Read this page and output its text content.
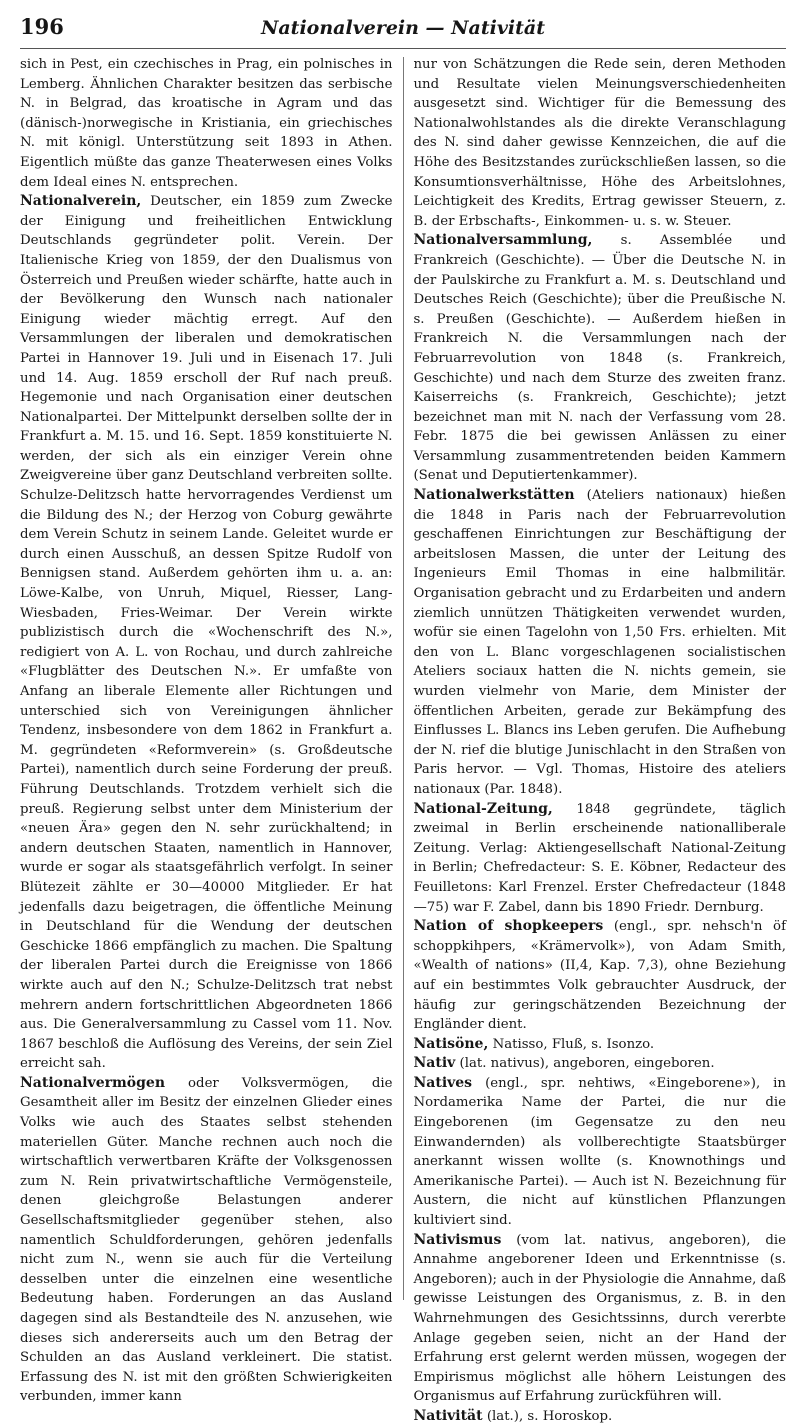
196	Nationalverein — Nativität

sich in Pest, ein czechisches in Prag, ein polnisches in Lemberg. Ähnlichen Charakter besitzen das serbische N. in Belgrad, das kroatische in Agram und das (dänisch-)norwegische in Kristiania, ein griechisches N. mit königl. Unterstützung seit 1893 in Athen. Eigentlich müßte das ganze Theaterwesen eines Volks dem Ideal eines N. entsprechen.

Nationalverein, Deutscher, ein 1859 zum Zwecke der Einigung und freiheitlichen Entwicklung Deutschlands gegründeter polit. Verein. Der Italienische Krieg von 1859, der den Dualismus von Österreich und Preußen wieder schärfte, hatte auch in der Bevölkerung den Wunsch nach nationaler Einigung wieder mächtig erregt. Auf den Versammlungen der liberalen und demokratischen Partei in Hannover 19. Juli und in Eisenach 17. Juli und 14. Aug. 1859 erscholl der Ruf nach preuß. Hegemonie und nach Organisation einer deutschen Nationalpartei. Der Mittelpunkt derselben sollte der in Frankfurt a. M. 15. und 16. Sept. 1859 konstituierte N. werden, der sich als ein einziger Verein ohne Zweigvereine über ganz Deutschland verbreiten sollte. Schulze-Delitzsch hatte hervorragendes Verdienst um die Bildung des N.; der Herzog von Coburg gewährte dem Verein Schutz in seinem Lande. Geleitet wurde er durch einen Ausschuß, an dessen Spitze Rudolf von Bennigsen stand. Außerdem gehörten ihm u. a. an: Löwe-Kalbe, von Unruh, Miquel, Riesser, Lang-Wiesbaden, Fries-Weimar. Der Verein wirkte publizistisch durch die «Wochenschrift des N.», redigiert von A. L. von Rochau, und durch zahlreiche «Flugblätter des Deutschen N.». Er umfaßte von Anfang an liberale Elemente aller Richtungen und unterschied sich von Vereinigungen ähnlicher Tendenz, insbesondere von dem 1862 in Frankfurt a. M. gegründeten «Reformverein» (s. Großdeutsche Partei), namentlich durch seine Forderung der preuß. Führung Deutschlands. Trotzdem verhielt sich die preuß. Regierung selbst unter dem Ministerium der «neuen Ära» gegen den N. sehr zurückhaltend; in andern deutschen Staaten, namentlich in Hannover, wurde er sogar als staatsgefährlich verfolgt. In seiner Blütezeit zählte er 30—40000 Mitglieder. Er hat jedenfalls dazu beigetragen, die öffentliche Meinung in Deutschland für die Wendung der deutschen Geschicke 1866 empfänglich zu machen. Die Spaltung der liberalen Partei durch die Ereignisse von 1866 wirkte auch auf den N.; Schulze-Delitzsch trat nebst mehrern andern fortschrittlichen Abgeordneten 1866 aus. Die Generalversammlung zu Cassel vom 11. Nov. 1867 beschloß die Auflösung des Vereins, der sein Ziel erreicht sah.

Nationalvermögen oder Volksvermögen, die Gesamtheit aller im Besitz der einzelnen Glieder eines Volks wie auch des Staates selbst stehenden materiellen Güter. Manche rechnen auch noch die wirtschaftlich verwertbaren Kräfte der Volksgenossen zum N. Rein privatwirtschaftliche Vermögensteile, denen gleichgroße Belastungen anderer Gesellschaftsmitglieder gegenüber stehen, also namentlich Schuldforderungen, gehören jedenfalls nicht zum N., wenn sie auch für die Verteilung desselben unter die einzelnen eine wesentliche Bedeutung haben. Forderungen an das Ausland dagegen sind als Bestandteile des N. anzusehen, wie dieses sich andererseits auch um den Betrag der Schulden an das Ausland verkleinert. Die statist. Erfassung des N. ist mit den größten Schwierigkeiten verbunden, immer kann

nur von Schätzungen die Rede sein, deren Methoden und Resultate vielen Meinungsverschiedenheiten ausgesetzt sind. Wichtiger für die Bemessung des Nationalwohlstandes als die direkte Veranschlagung des N. sind daher gewisse Kennzeichen, die auf die Höhe des Besitzstandes zurückschließen lassen, so die Konsumtionsverhältnisse, Höhe des Arbeitslohnes, Leichtigkeit des Kredits, Ertrag gewisser Steuern, z. B. der Erbschafts-, Einkommen- u. s. w. Steuer.

Nationalversammlung, s. Assemblée und Frankreich (Geschichte). — Über die Deutsche N. in der Paulskirche zu Frankfurt a. M. s. Deutschland und Deutsches Reich (Geschichte); über die Preußische N. s. Preußen (Geschichte). — Außerdem hießen in Frankreich N. die Versammlungen nach der Februarrevolution von 1848 (s. Frankreich, Geschichte) und nach dem Sturze des zweiten franz. Kaiserreichs (s. Frankreich, Geschichte); jetzt bezeichnet man mit N. nach der Verfassung vom 28. Febr. 1875 die bei gewissen Anlässen zu einer Versammlung zusammentretenden beiden Kammern (Senat und Deputiertenkammer).

Nationalwerkstätten (Ateliers nationaux) hießen die 1848 in Paris nach der Februarrevolution geschaffenen Einrichtungen zur Beschäftigung der arbeitslosen Massen, die unter der Leitung des Ingenieurs Emil Thomas in eine halbmilitär. Organisation gebracht und zu Erdarbeiten und andern ziemlich unnützen Thätigkeiten verwendet wurden, wofür sie einen Tagelohn von 1,50 Frs. erhielten. Mit den von L. Blanc vorgeschlagenen socialistischen Ateliers sociaux hatten die N. nichts gemein, sie wurden vielmehr von Marie, dem Minister der öffentlichen Arbeiten, gerade zur Bekämpfung des Einflusses L. Blancs ins Leben gerufen. Die Aufhebung der N. rief die blutige Junischlacht in den Straßen von Paris hervor. — Vgl. Thomas, Histoire des ateliers nationaux (Par. 1848).

National-Zeitung, 1848 gegründete, täglich zweimal in Berlin erscheinende nationalliberale Zeitung. Verlag: Aktiengesellschaft National-Zeitung in Berlin; Chefredacteur: S. E. Köbner, Redacteur des Feuilletons: Karl Frenzel. Erster Chefredacteur (1848—75) war F. Zabel, dann bis 1890 Friedr. Dernburg.

Nation of shopkeepers (engl., spr. nehsch'n öf schoppkihpers, «Krämervolk»), von Adam Smith, «Wealth of nations» (II,4, Kap. 7,3), ohne Beziehung auf ein bestimmtes Volk gebrauchter Ausdruck, der häufig zur geringschätzenden Bezeichnung der Engländer dient.

Natisöne, Natisso, Fluß, s. Isonzo.

Nativ (lat. nativus), angeboren, eingeboren.

Natives (engl., spr. nehtiws, «Eingeborene»), in Nordamerika Name der Partei, die nur die Eingeborenen (im Gegensatze zu den neu Einwandernden) als vollberechtigte Staatsbürger anerkannt wissen wollte (s. Knownothings und Amerikanische Partei). — Auch ist N. Bezeichnung für Austern, die nicht auf künstlichen Pflanzungen kultiviert sind.

Nativismus (vom lat. nativus, angeboren), die Annahme angeborener Ideen und Erkenntnisse (s. Angeboren); auch in der Physiologie die Annahme, daß gewisse Leistungen des Organismus, z. B. in den Wahrnehmungen des Gesichtssinns, durch vererbte Anlage gegeben seien, nicht an der Hand der Erfahrung erst gelernt werden müssen, wogegen der Empirismus möglichst alle höhern Leistungen des Organismus auf Erfahrung zurückführen will.

Nativität (lat.), s. Horoskop.
